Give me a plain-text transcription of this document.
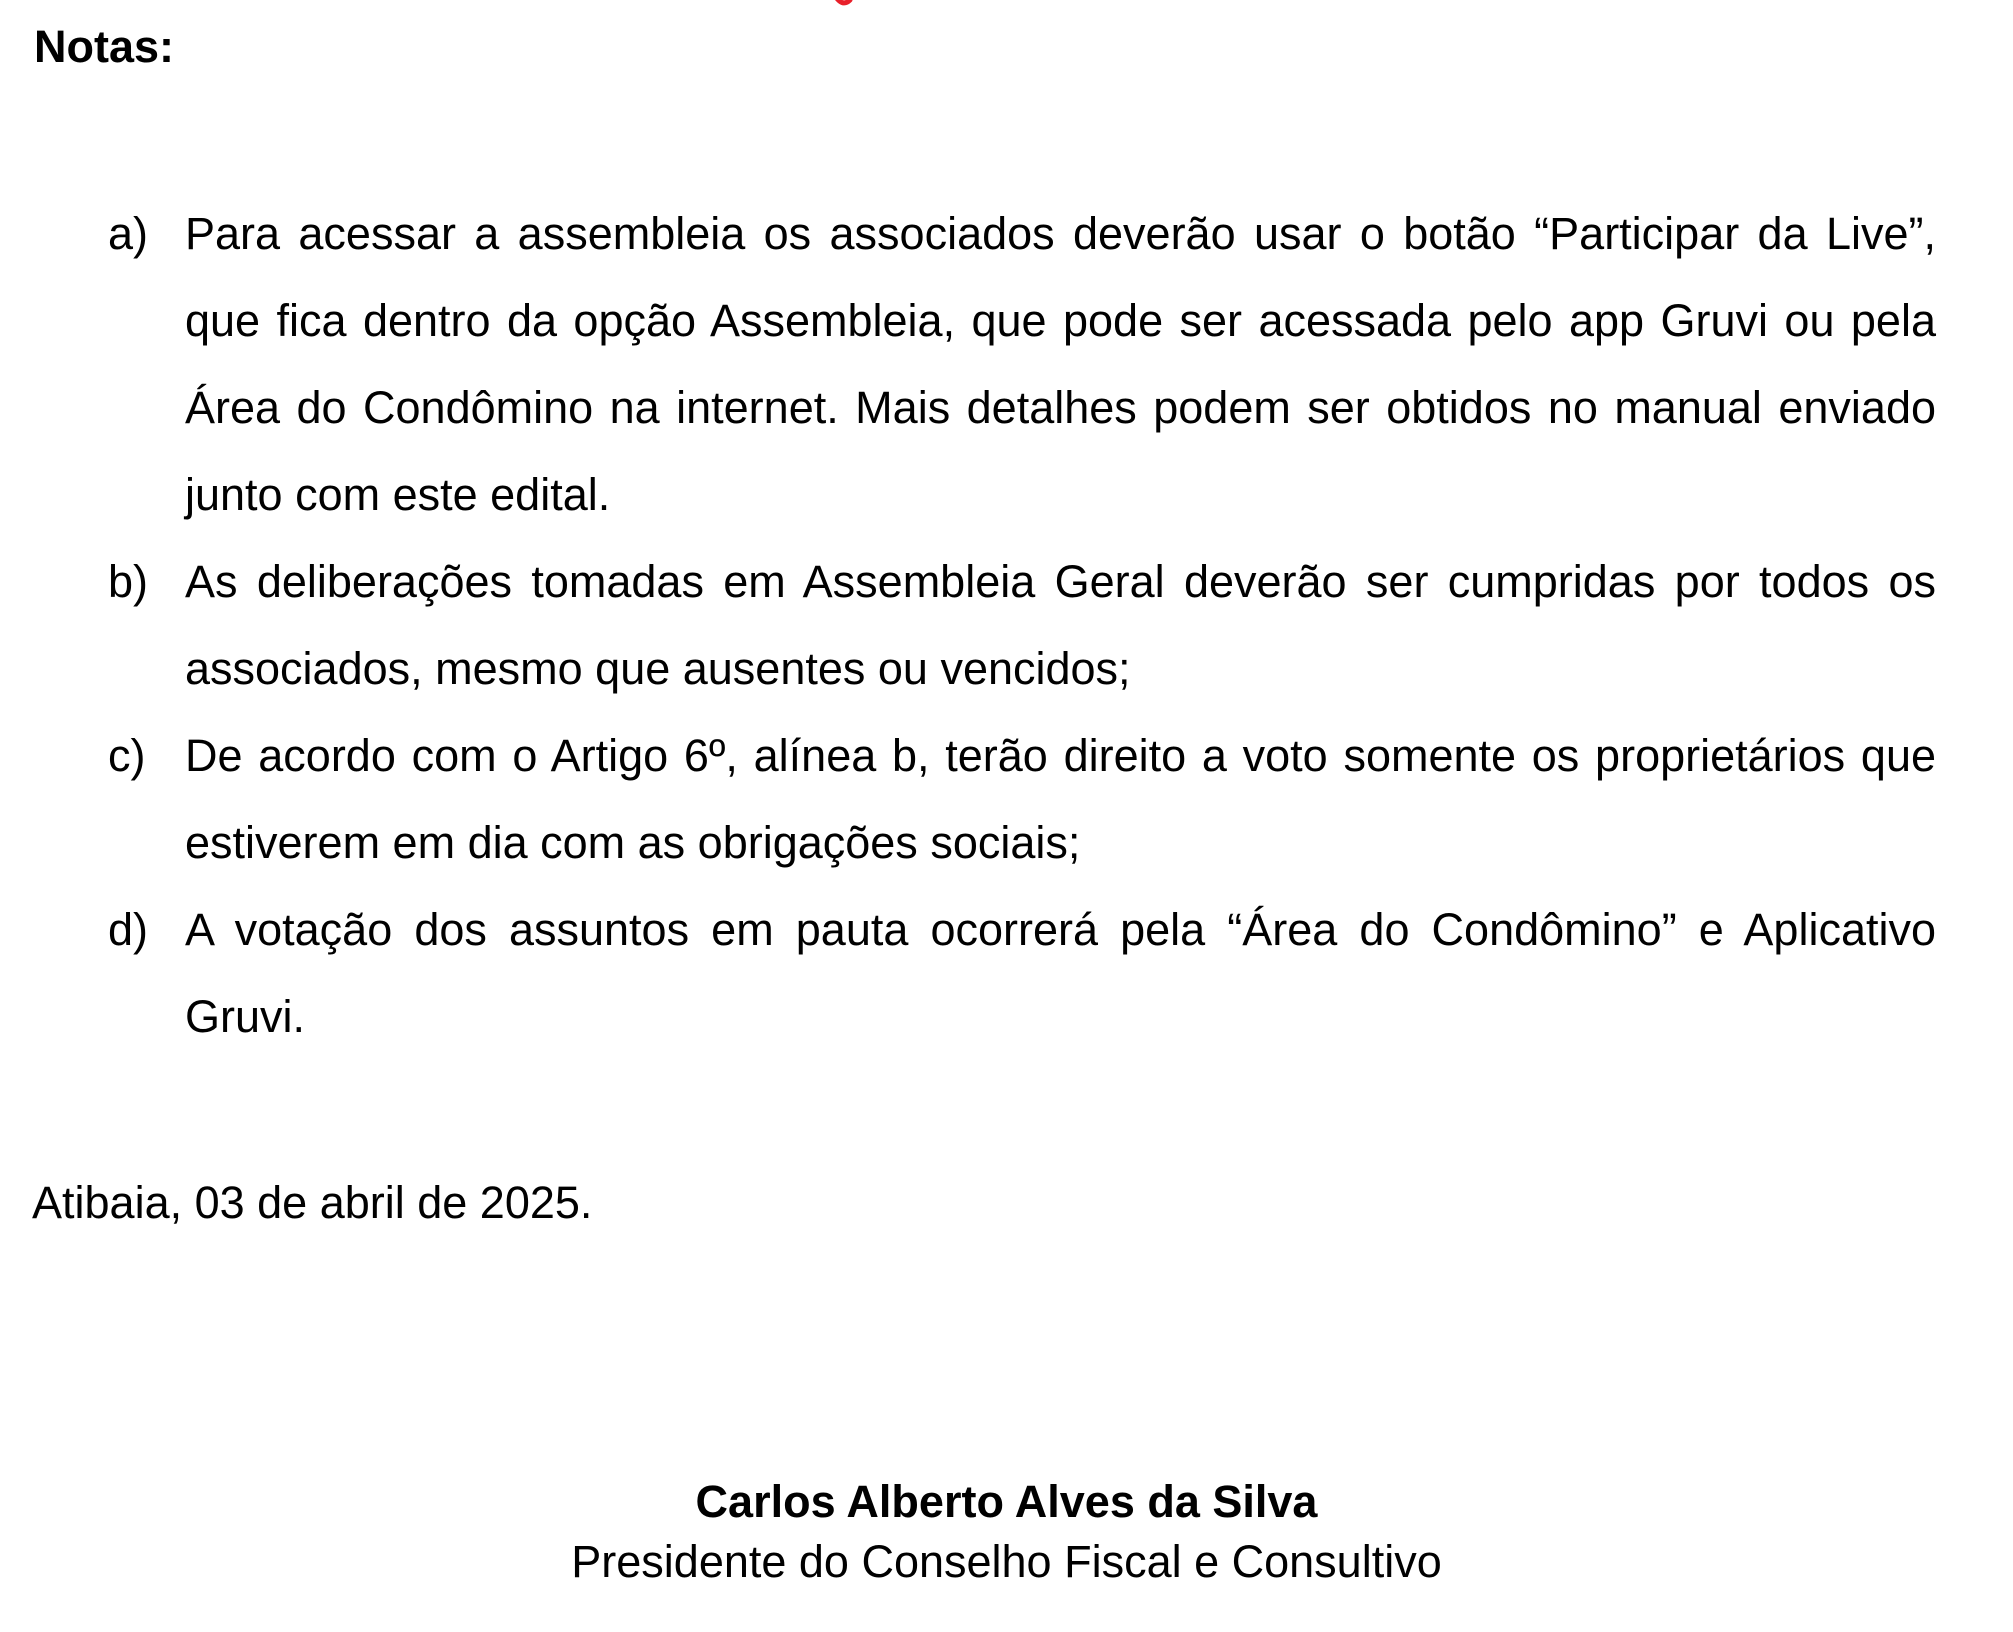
Notas:
a) Para acessar a assembleia os associados deverão usar o botão “Participar da Live”, que fica dentro da opção Assembleia, que pode ser acessada pelo app Gruvi ou pela Área do Condômino na internet. Mais detalhes podem ser obtidos no manual enviado junto com este edital.
b) As deliberações tomadas em Assembleia Geral deverão ser cumpridas por todos os associados, mesmo que ausentes ou vencidos;
c) De acordo com o Artigo 6º, alínea b, terão direito a voto somente os proprietários que estiverem em dia com as obrigações sociais;
d) A votação dos assuntos em pauta ocorrerá pela “Área do Condômino” e Aplicativo Gruvi.

Atibaia, 03 de abril de 2025.

Carlos Alberto Alves da Silva
Presidente do Conselho Fiscal e Consultivo
